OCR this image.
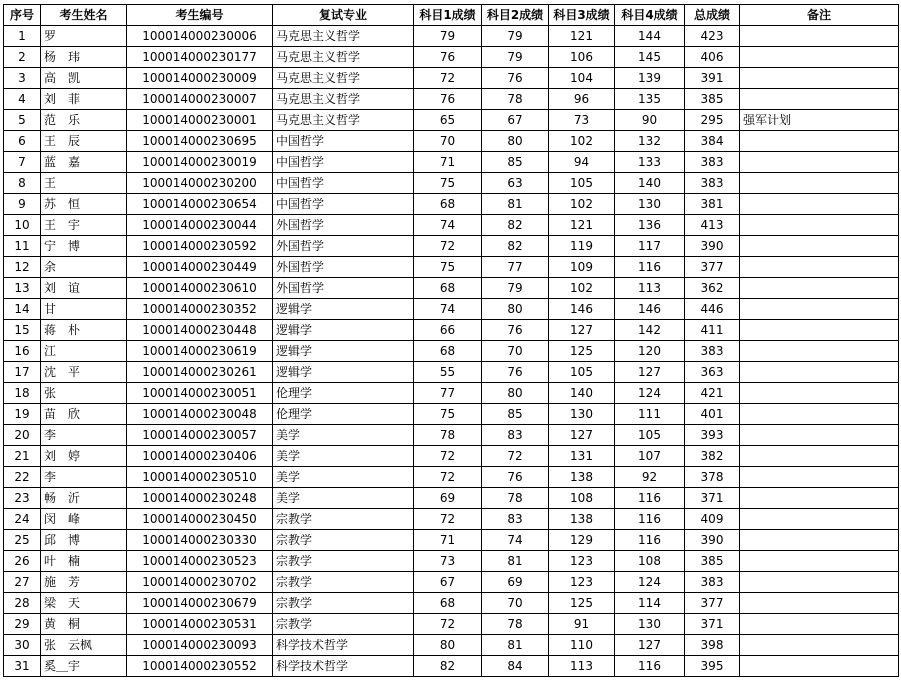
序号	考生姓名	考生编号	复试专业	科目1成绩	科目2成绩	科目3成绩	科目4成绩	总成绩	备注
1	罗	100014000230006	马克思主义哲学	79	79	121	144	423	
2	杨　玮	100014000230177	马克思主义哲学	76	79	106	145	406	
3	高　凯	100014000230009	马克思主义哲学	72	76	104	139	391	
4	刘　菲	100014000230007	马克思主义哲学	76	78	96	135	385	
5	范　乐	100014000230001	马克思主义哲学	65	67	73	90	295	强军计划
6	王　辰	100014000230695	中国哲学	70	80	102	132	384	
7	蓝　嘉	100014000230019	中国哲学	71	85	94	133	383	
8	王	100014000230200	中国哲学	75	63	105	140	383	
9	苏　恒	100014000230654	中国哲学	68	81	102	130	381	
10	王　宇	100014000230044	外国哲学	74	82	121	136	413	
11	宁　博	100014000230592	外国哲学	72	82	119	117	390	
12	余	100014000230449	外国哲学	75	77	109	116	377	
13	刘　谊	100014000230610	外国哲学	68	79	102	113	362	
14	甘	100014000230352	逻辑学	74	80	146	146	446	
15	蒋　朴	100014000230448	逻辑学	66	76	127	142	411	
16	江	100014000230619	逻辑学	68	70	125	120	383	
17	沈　平	100014000230261	逻辑学	55	76	105	127	363	
18	张	100014000230051	伦理学	77	80	140	124	421	
19	苗　欣	100014000230048	伦理学	75	85	130	111	401	
20	李	100014000230057	美学	78	83	127	105	393	
21	刘　婷	100014000230406	美学	72	72	131	107	382	
22	李	100014000230510	美学	72	76	138	92	378	
23	畅　沂	100014000230248	美学	69	78	108	116	371	
24	闵　峰	100014000230450	宗教学	72	83	138	116	409	
25	邱　博	100014000230330	宗教学	71	74	129	116	390	
26	叶　楠	100014000230523	宗教学	73	81	123	108	385	
27	施　芳	100014000230702	宗教学	67	69	123	124	383	
28	梁　天	100014000230679	宗教学	68	70	125	114	377	
29	黄　桐	100014000230531	宗教学	72	78	91	130	371	
30	张　云枫	100014000230093	科学技术哲学	80	81	110	127	398	
31	奚＿宇	100014000230552	科学技术哲学	82	84	113	116	395	
